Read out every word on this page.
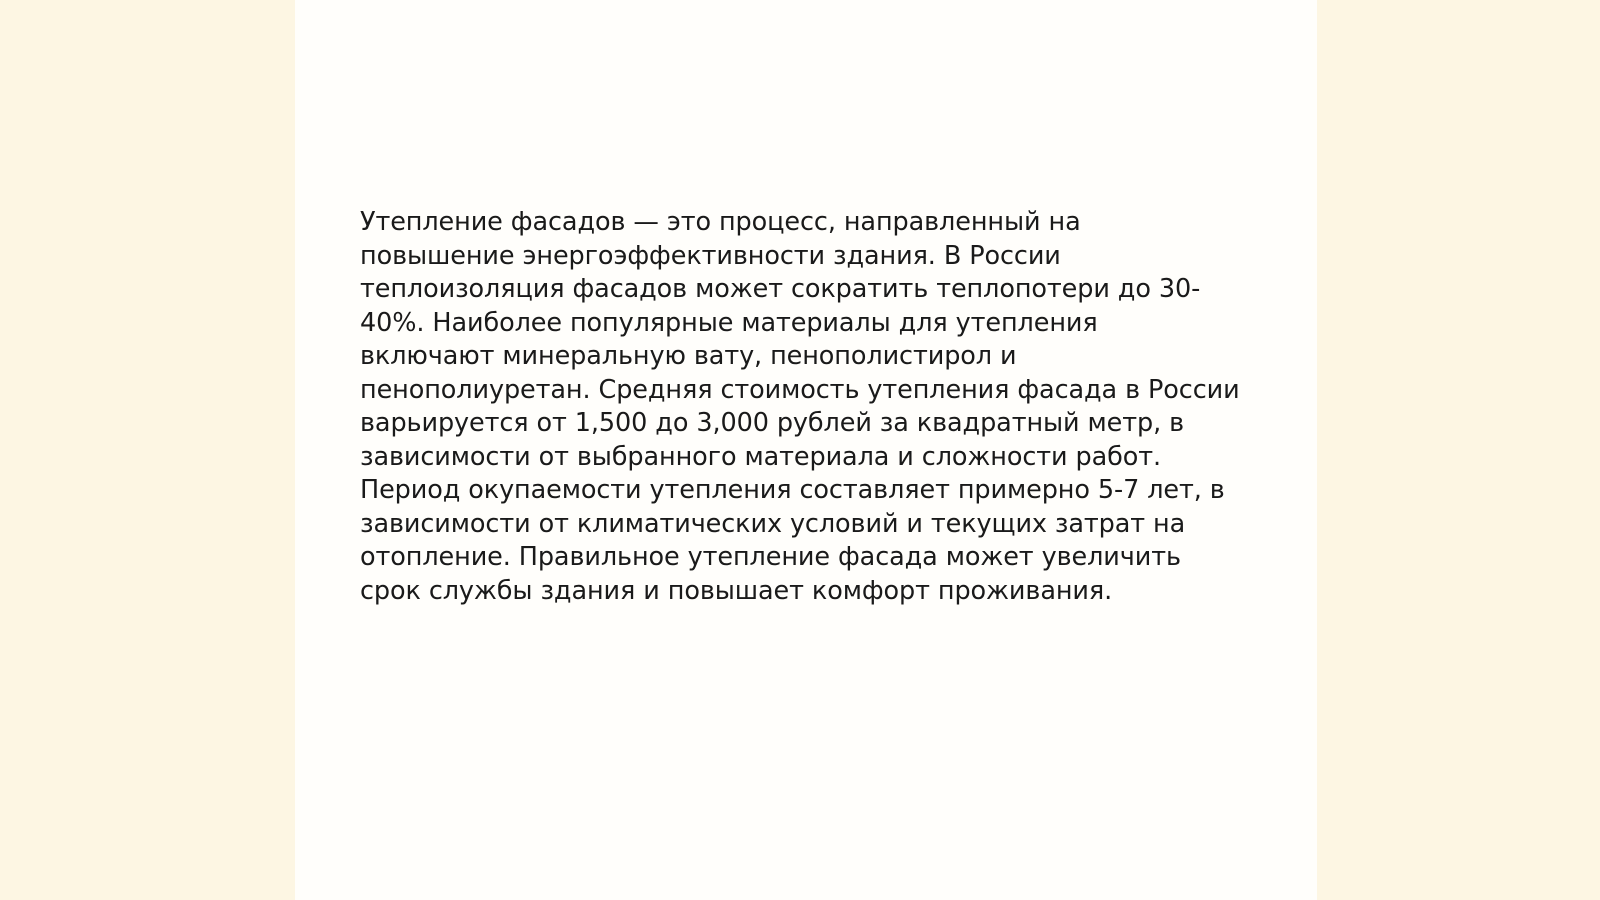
Утепление фасадов — это процесс, направленный на повышение энергоэффективности здания. В России теплоизоляция фасадов может сократить теплопотери до 30-40%. Наиболее популярные материалы для утепления включают минеральную вату, пенополистирол и пенополиуретан. Средняя стоимость утепления фасада в России варьируется от 1,500 до 3,000 рублей за квадратный метр, в зависимости от выбранного материала и сложности работ. Период окупаемости утепления составляет примерно 5-7 лет, в зависимости от климатических условий и текущих затрат на отопление. Правильное утепление фасада может увеличить срок службы здания и повышает комфорт проживания.
